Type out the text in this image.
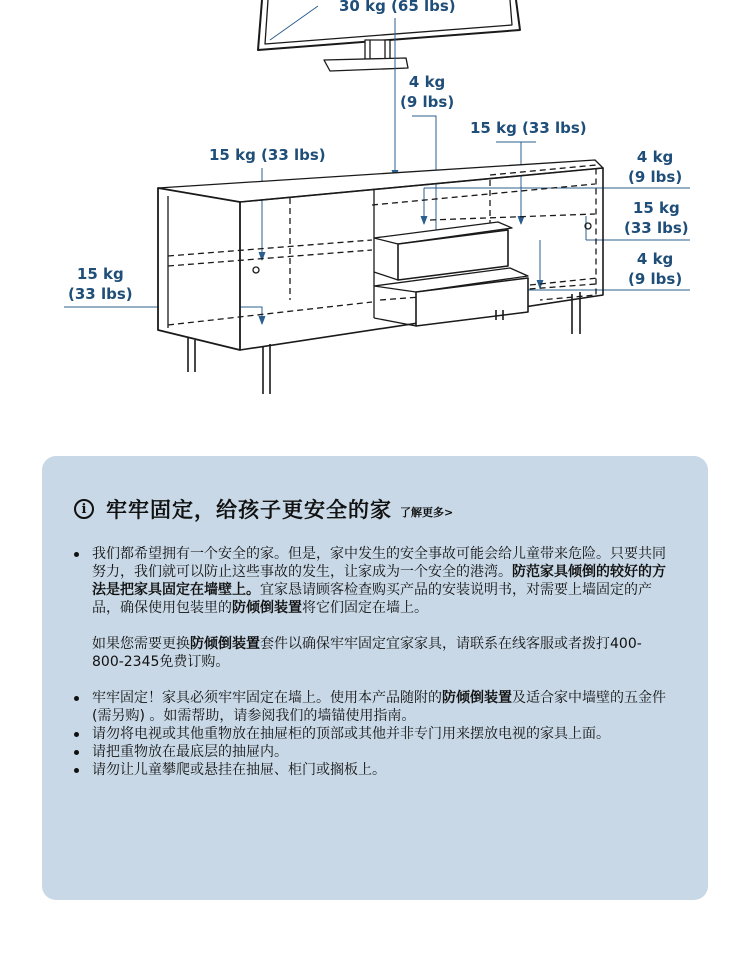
30 kg (65 lbs)
4 kg
(9 lbs)
15 kg (33 lbs)
15 kg (33 lbs)	4 kg
(9 lbs)
15 kg
(33 lbs)
4 kg
(9 lbs)
15 kg
(33 lbs)
i 牢牢固定，给孩子更安全的家 了解更多>
我们都希望拥有一个安全的家。但是，家中发生的安全事故可能会给儿童带来危险。只要共同努力，我们就可以防止这些事故的发生，让家成为一个安全的港湾。防范家具倾倒的较好的方法是把家具固定在墙壁上。宜家恳请顾客检查购买产品的安装说明书，对需要上墙固定的产品，确保使用包装里的防倾倒装置将它们固定在墙上。
如果您需要更换防倾倒装置套件以确保牢牢固定宜家家具，请联系在线客服或者拨打400-800-2345免费订购。
牢牢固定！家具必须牢牢固定在墙上。使用本产品随附的防倾倒装置及适合家中墙壁的五金件 (需另购) 。如需帮助，请参阅我们的墙锚使用指南。
请勿将电视或其他重物放在抽屉柜的顶部或其他并非专门用来摆放电视的家具上面。
请把重物放在最底层的抽屉内。
请勿让儿童攀爬或悬挂在抽屉、柜门或搁板上。
